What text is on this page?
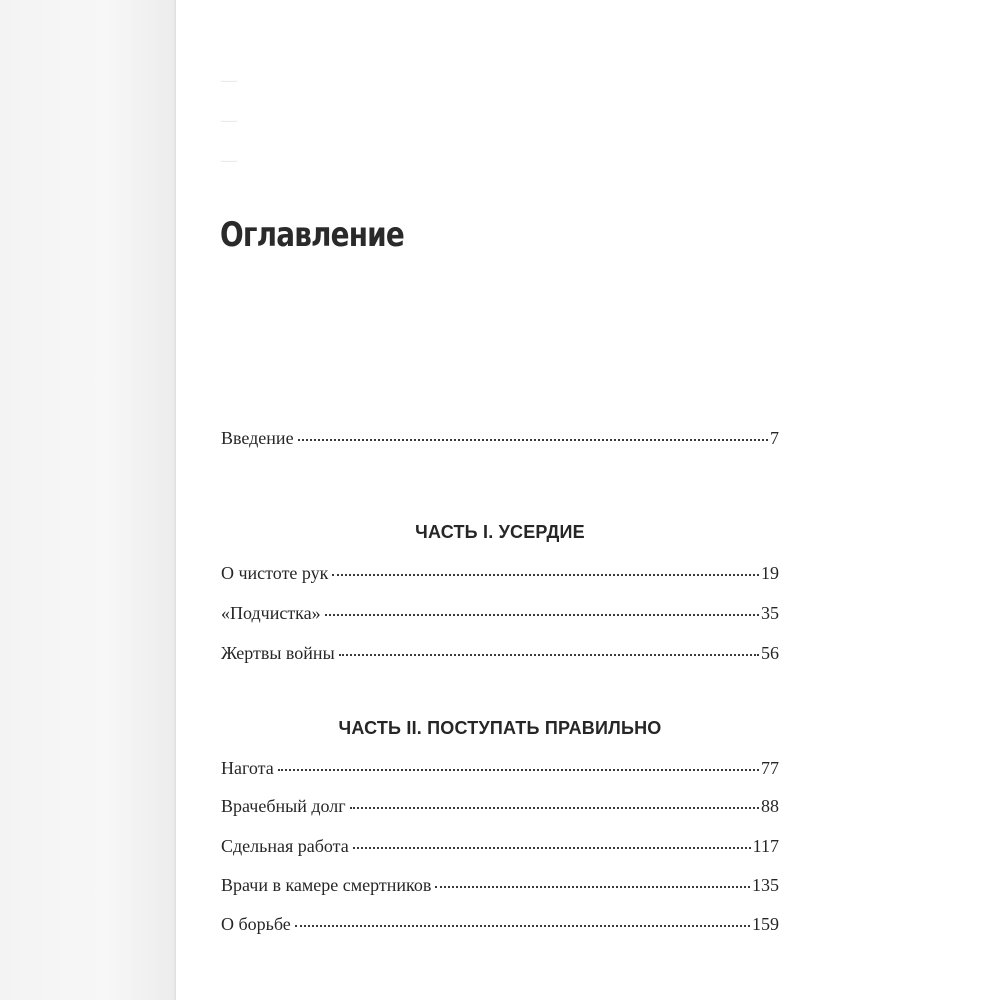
—
—
—
Оглавление
Введение	7
ЧАСТЬ I. УСЕРДИЕ
О чистоте рук	19
«Подчистка»	35
Жертвы войны	56
ЧАСТЬ II. ПОСТУПАТЬ ПРАВИЛЬНО
Нагота	77
Врачебный долг	88
Сдельная работа	117
Врачи в камере смертников	135
О борьбе	159
